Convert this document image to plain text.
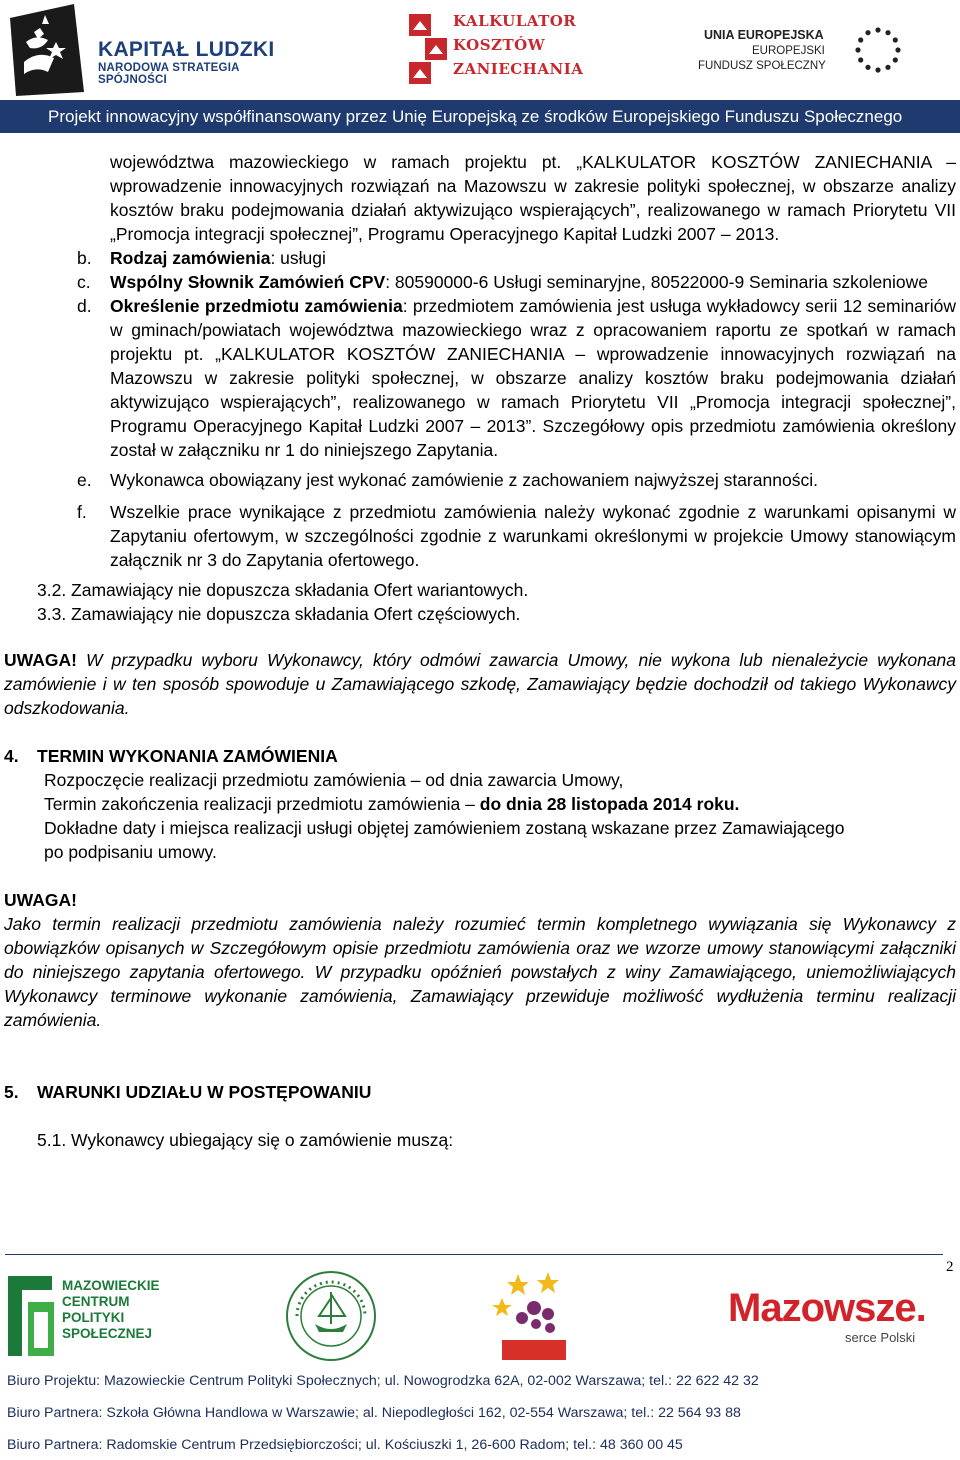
KAPITAŁ LUDZKI
NARODOWA STRATEGIA SPÓJNOŚCI
KALKULATOR
KOSZTÓW
ZANIECHANIA
UNIA EUROPEJSKA
EUROPEJSKI
FUNDUSZ SPOŁECZNY
Projekt innowacyjny współfinansowany przez Unię Europejską ze środków Europejskiego Funduszu Społecznego
województwa mazowieckiego w ramach projektu pt. „KALKULATOR KOSZTÓW ZANIECHANIA – wprowadzenie innowacyjnych rozwiązań na Mazowszu w zakresie polityki społecznej, w obszarze analizy kosztów braku podejmowania działań aktywizująco wspierających”, realizowanego w ramach Priorytetu VII „Promocja integracji społecznej”, Programu Operacyjnego Kapitał Ludzki 2007 – 2013.
b. Rodzaj zamówienia: usługi
c. Wspólny Słownik Zamówień CPV: 80590000-6 Usługi seminaryjne, 80522000-9 Seminaria szkoleniowe
d. Określenie przedmiotu zamówienia: przedmiotem zamówienia jest usługa wykładowcy serii 12 seminariów w gminach/powiatach województwa mazowieckiego wraz z opracowaniem raportu ze spotkań w ramach projektu pt. „KALKULATOR KOSZTÓW ZANIECHANIA – wprowadzenie innowacyjnych rozwiązań na Mazowszu w zakresie polityki społecznej, w obszarze analizy kosztów braku podejmowania działań aktywizująco wspierających”, realizowanego w ramach Priorytetu VII „Promocja integracji społecznej”, Programu Operacyjnego Kapitał Ludzki 2007 – 2013”. Szczegółowy opis przedmiotu zamówienia określony został w załączniku nr 1 do niniejszego Zapytania.
e. Wykonawca obowiązany jest wykonać zamówienie z zachowaniem najwyższej staranności.
f. Wszelkie prace wynikające z przedmiotu zamówienia należy wykonać zgodnie z warunkami opisanymi w Zapytaniu ofertowym, w szczególności zgodnie z warunkami określonymi w projekcie Umowy stanowiącym załącznik nr 3 do Zapytania ofertowego.
3.2. Zamawiający nie dopuszcza składania Ofert wariantowych.
3.3. Zamawiający nie dopuszcza składania Ofert częściowych.
UWAGA! W przypadku wyboru Wykonawcy, który odmówi zawarcia Umowy, nie wykona lub nienależycie wykonana zamówienie i w ten sposób spowoduje u Zamawiającego szkodę, Zamawiający będzie dochodził od takiego Wykonawcy odszkodowania.
4. TERMIN WYKONANIA ZAMÓWIENIA
Rozpoczęcie realizacji przedmiotu zamówienia – od dnia zawarcia Umowy,
Termin zakończenia realizacji przedmiotu zamówienia – do dnia 28 listopada 2014 roku.
Dokładne daty i miejsca realizacji usługi objętej zamówieniem zostaną wskazane przez Zamawiającego po podpisaniu umowy.
UWAGA!
Jako termin realizacji przedmiotu zamówienia należy rozumieć termin kompletnego wywiązania się Wykonawcy z obowiązków opisanych w Szczegółowym opisie przedmiotu zamówienia oraz we wzorze umowy stanowiącymi załączniki do niniejszego zapytania ofertowego. W przypadku opóźnień powstałych z winy Zamawiającego, uniemożliwiających Wykonawcy terminowe wykonanie zamówienia, Zamawiający przewiduje możliwość wydłużenia terminu realizacji zamówienia.
5. WARUNKI UDZIAŁU W POSTĘPOWANIU
5.1. Wykonawcy ubiegający się o zamówienie muszą:
2
MAZOWIECKIE
CENTRUM
POLITYKI
SPOŁECZNEJ
Mazowsze.
serce Polski
Biuro Projektu: Mazowieckie Centrum Polityki Społecznych; ul. Nowogrodzka 62A, 02-002 Warszawa; tel.: 22 622 42 32
Biuro Partnera: Szkoła Główna Handlowa w Warszawie; al. Niepodległości 162, 02-554 Warszawa; tel.: 22 564 93 88
Biuro Partnera: Radomskie Centrum Przedsiębiorczości; ul. Kościuszki 1, 26-600 Radom; tel.: 48 360 00 45
